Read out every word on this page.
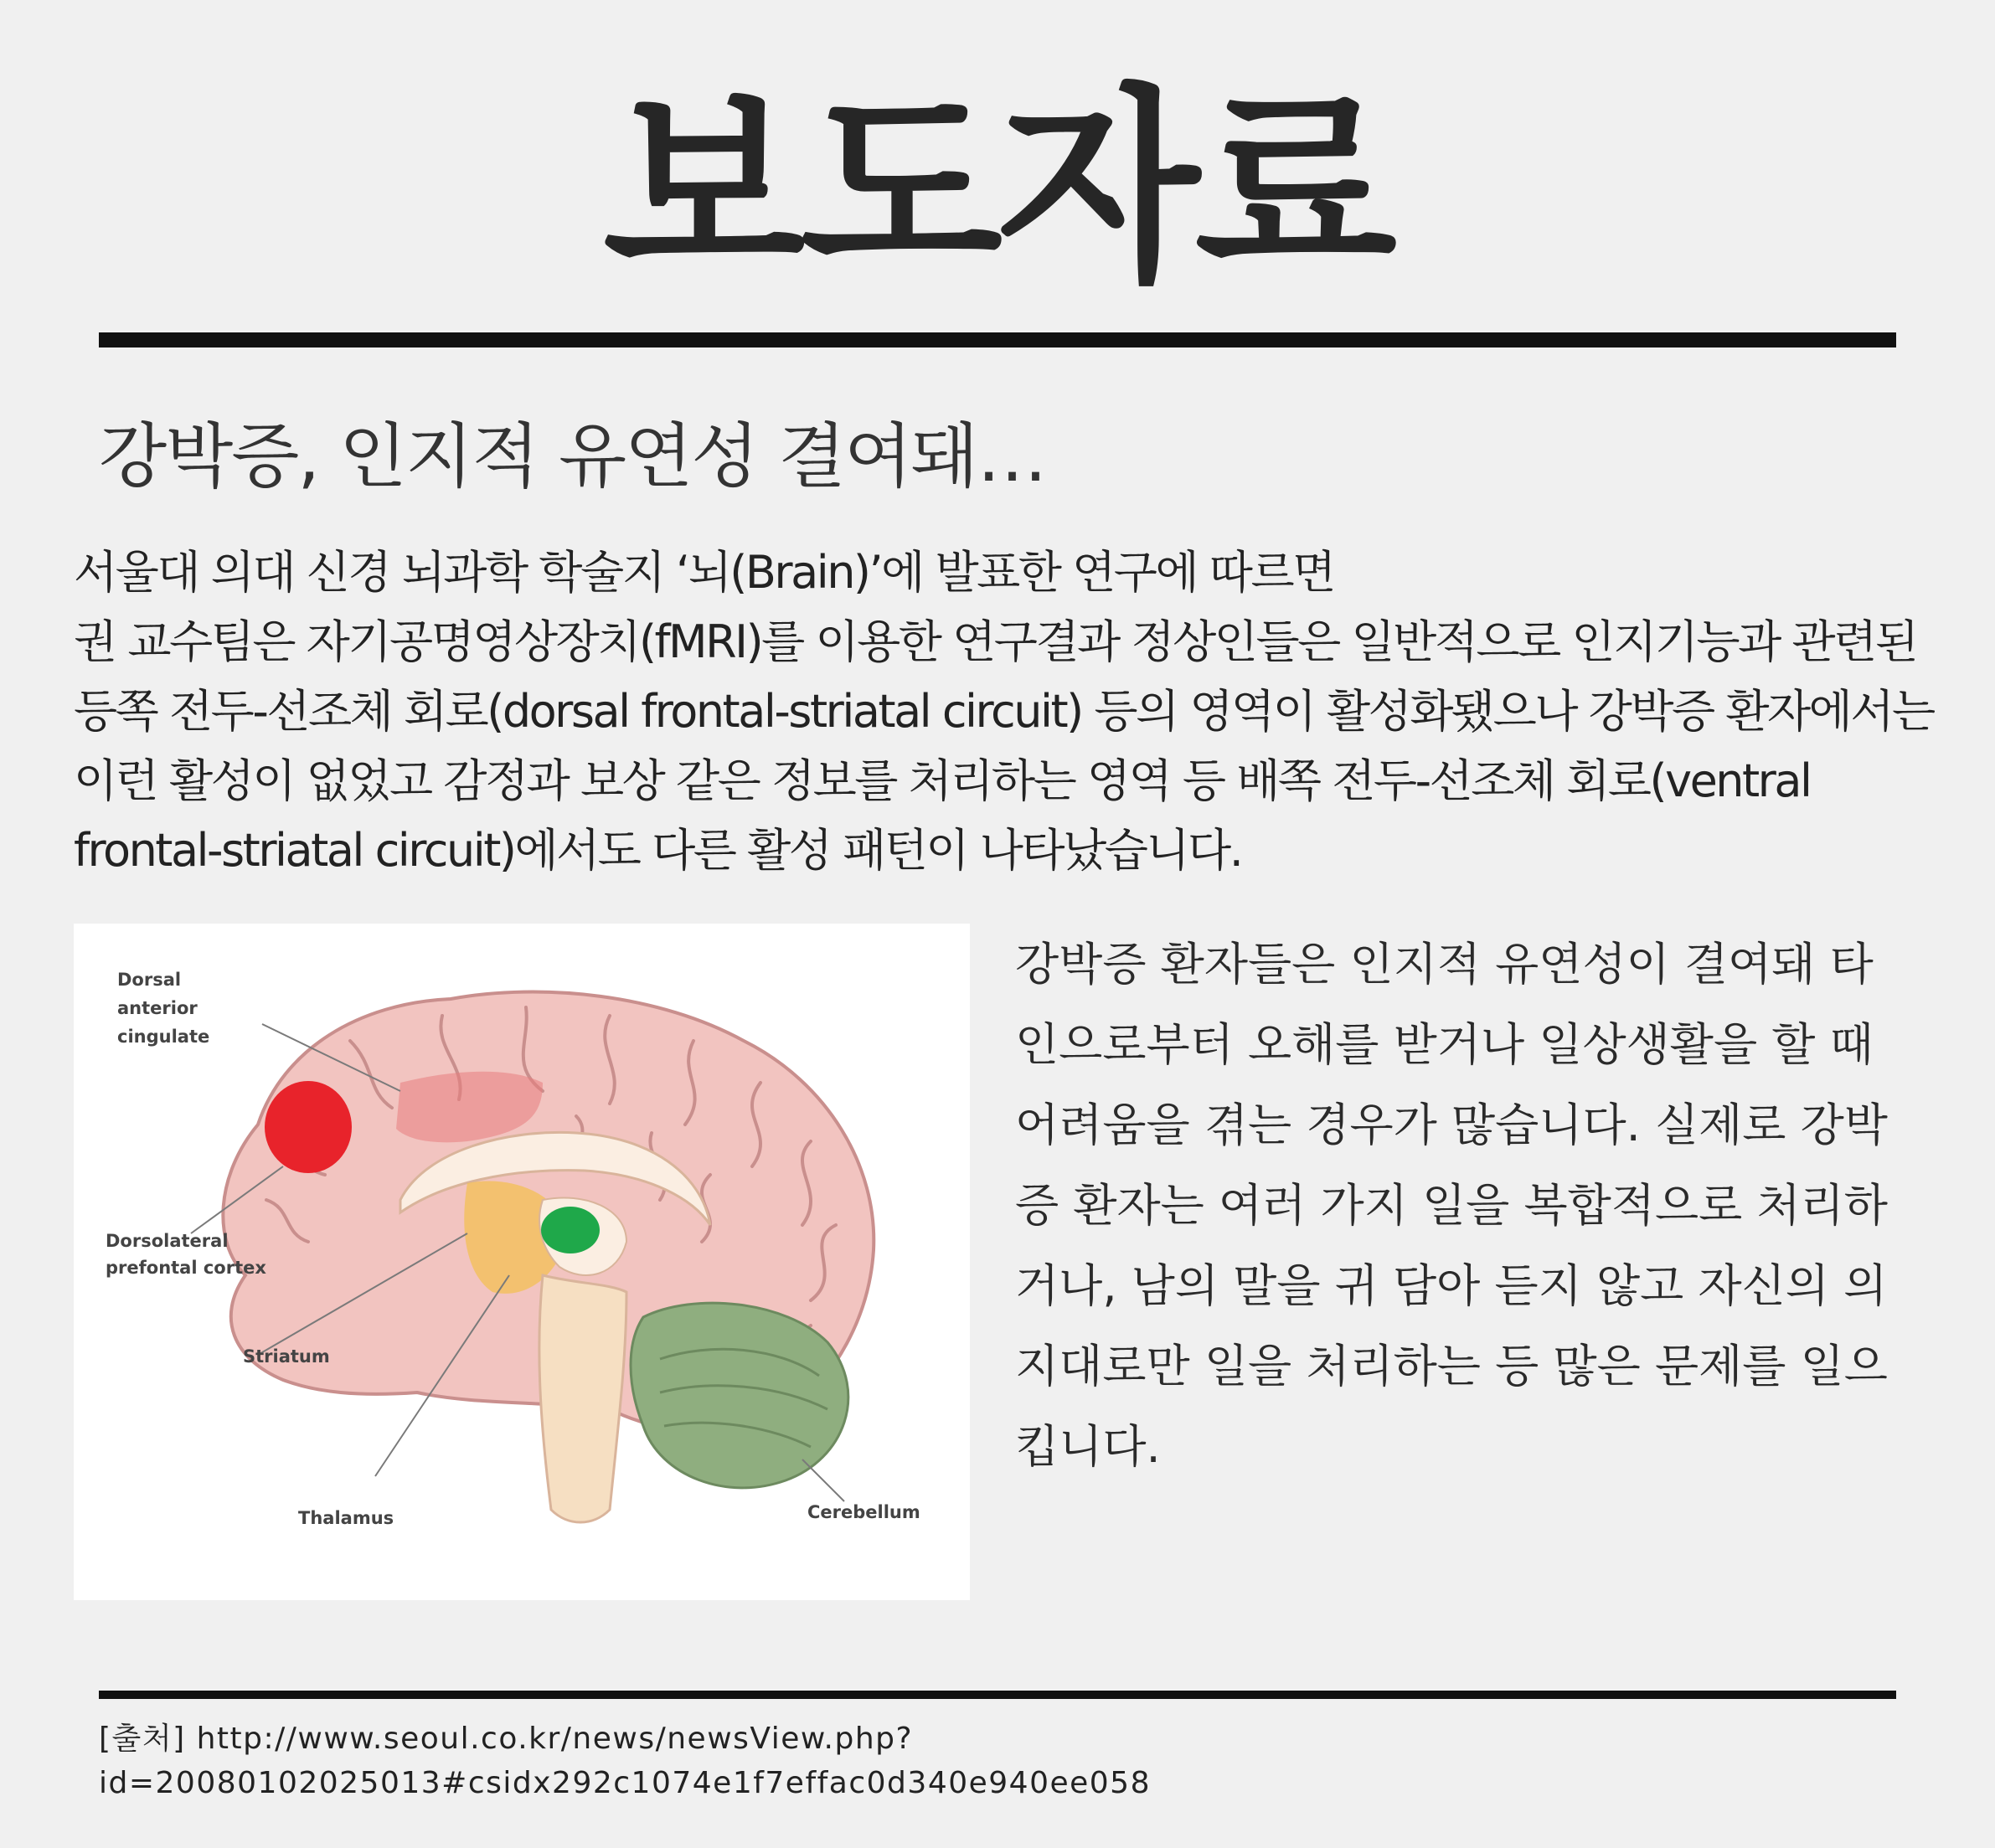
보도자료
강박증, 인지적 유연성 결여돼…

서울대 의대 신경 뇌과학 학술지 ‘뇌(Brain)’에 발표한 연구에 따르면

권 교수팀은 자기공명영상장치(fMRI)를 이용한 연구결과 정상인들은 일반적으로 인지기능과 관련된

등쪽 전두-선조체 회로(dorsal frontal-striatal circuit) 등의 영역이 활성화됐으나 강박증 환자에서는

이런 활성이 없었고 감정과 보상 같은 정보를 처리하는 영역 등 배쪽 전두-선조체 회로(ventral

frontal-striatal circuit)에서도 다른 활성 패턴이 나타났습니다.

Dorsal
anterior
cingulate
Dorsolateral
prefontal cortex
Striatum
Thalamus	Cerebellum

강박증 환자들은 인지적 유연성이 결여돼 타

인으로부터 오해를 받거나 일상생활을 할 때

어려움을 겪는 경우가 많습니다. 실제로 강박

증 환자는 여러 가지 일을 복합적으로 처리하

거나, 남의 말을 귀 담아 듣지 않고 자신의 의

지대로만 일을 처리하는 등 많은 문제를 일으

킵니다.

[출처] http://www.seoul.co.kr/news/newsView.php?

id=20080102025013#csidx292c1074e1f7effac0d340e940ee058
